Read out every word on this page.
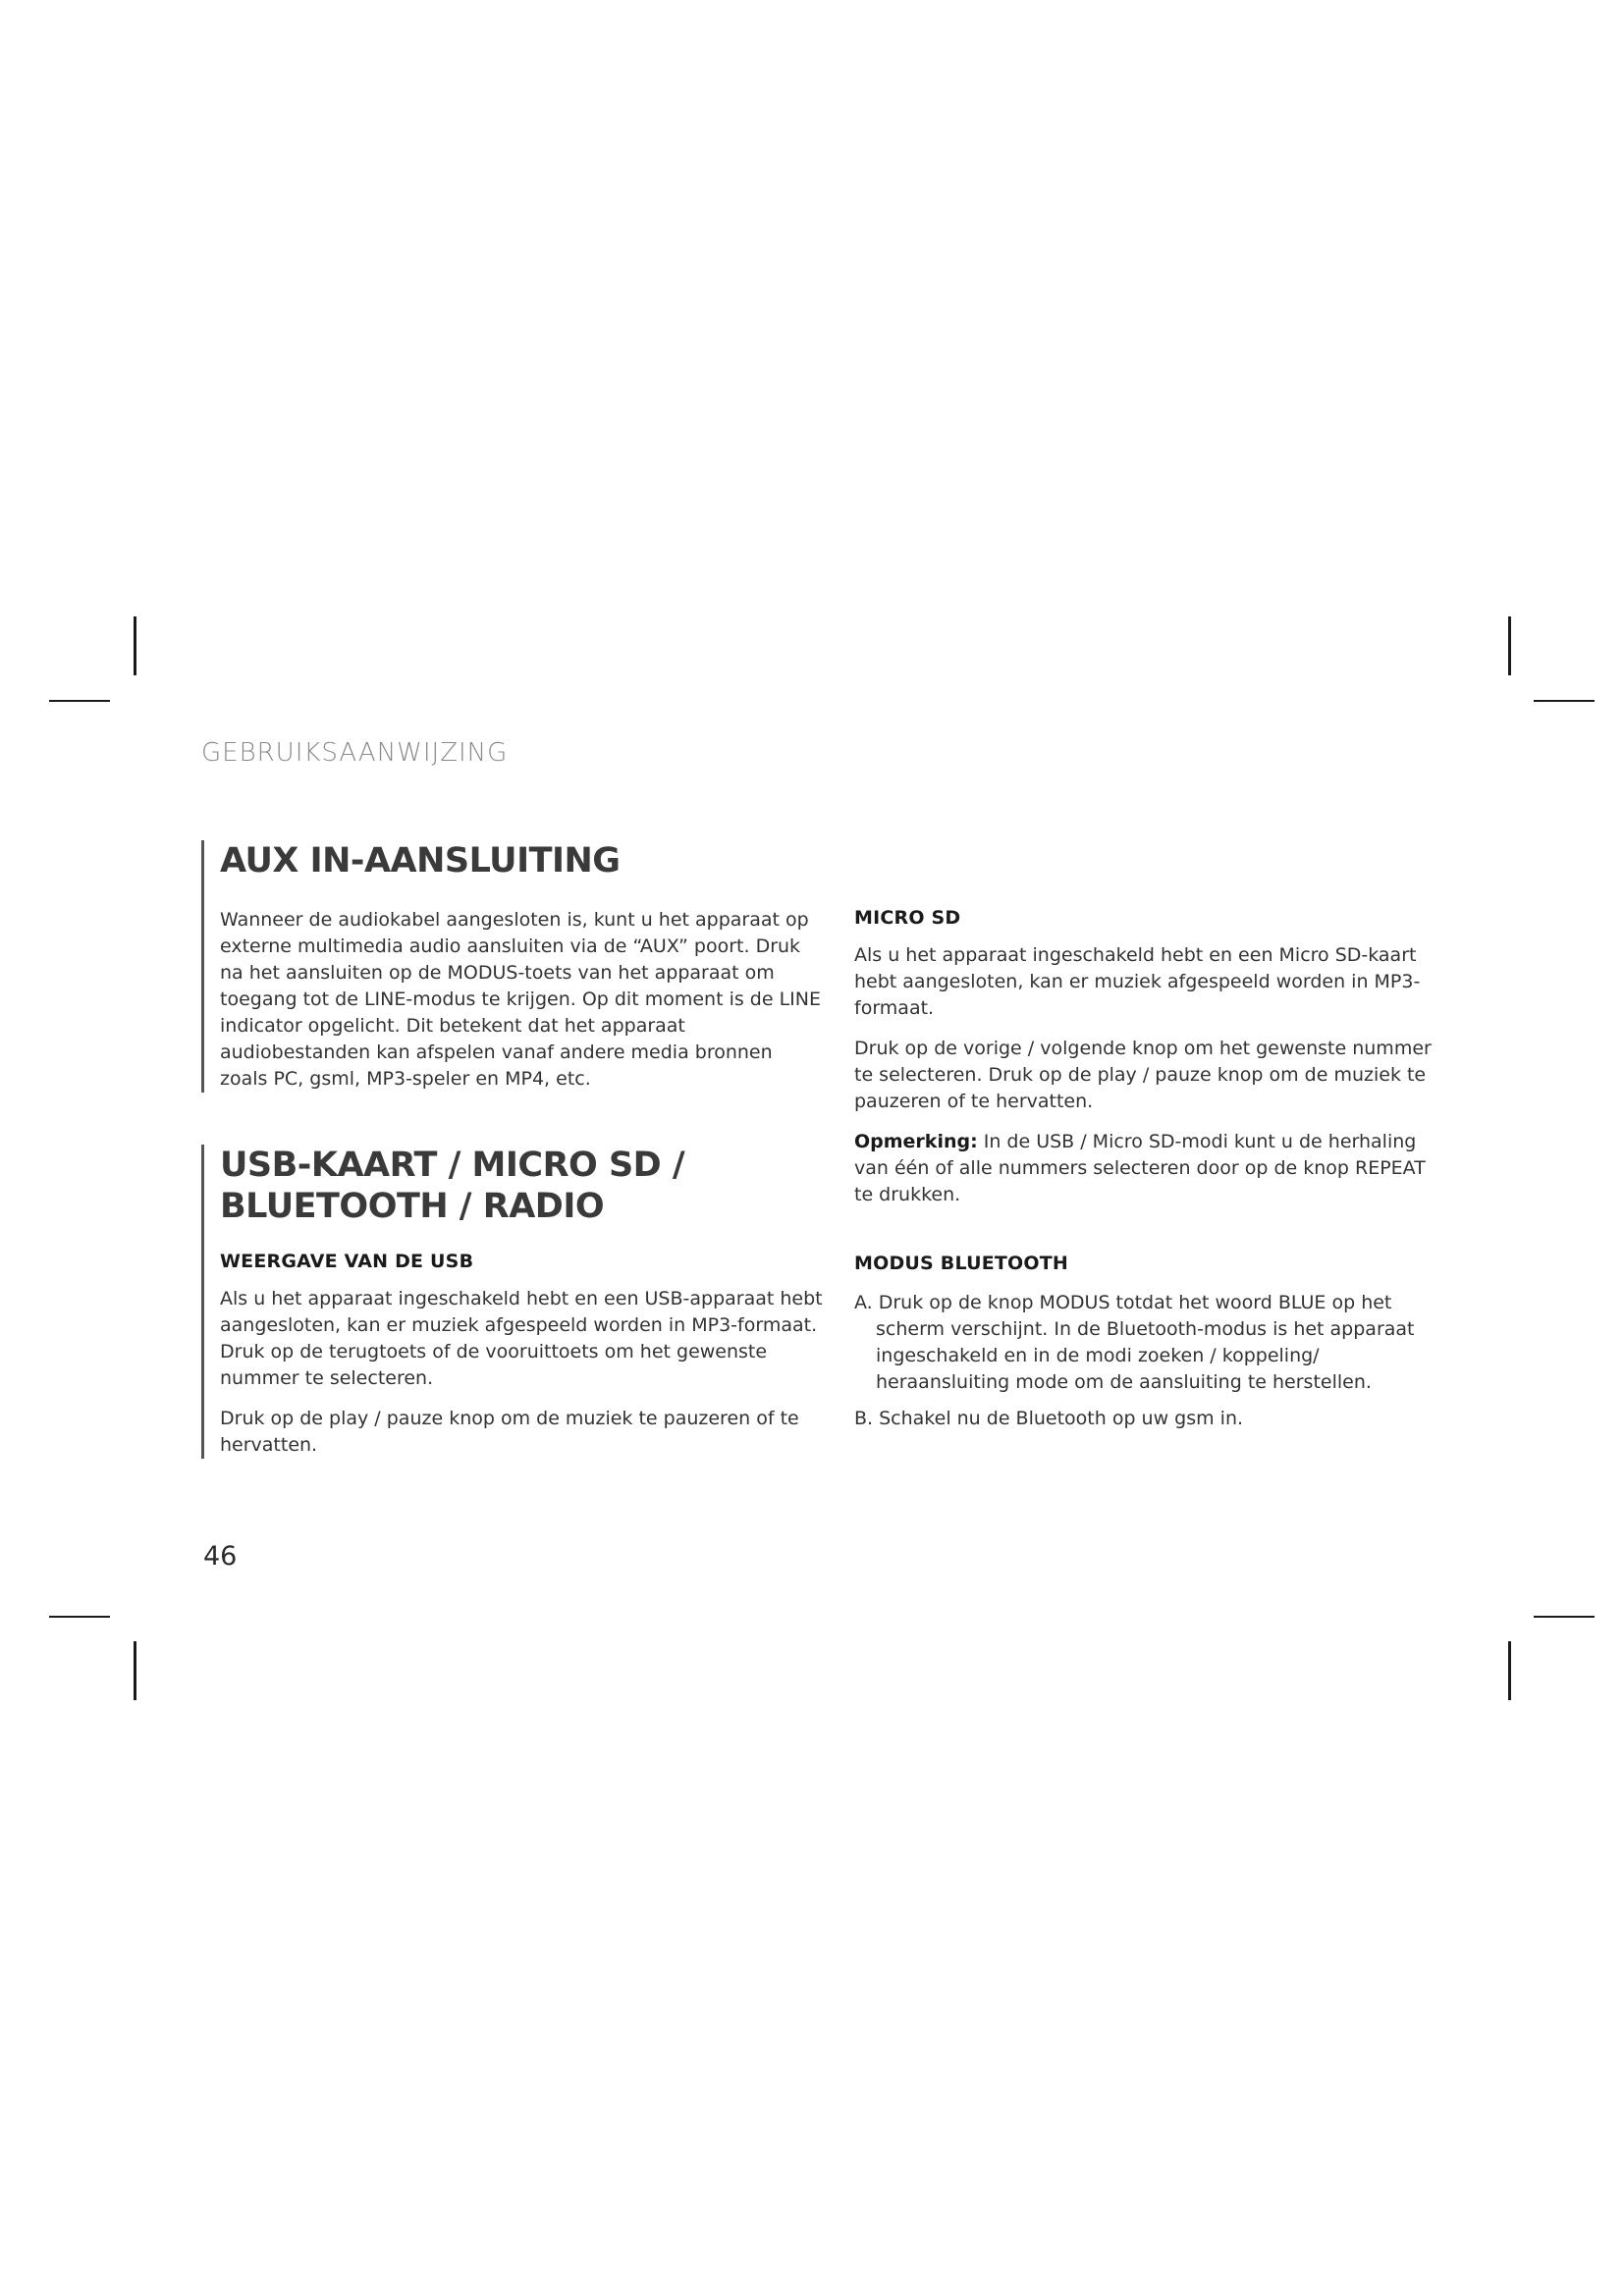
GEBRUIKSAANWIJZING
AUX IN-AANSLUITING

Wanneer de audiokabel aangesloten is, kunt u het apparaat op externe multimedia audio aansluiten via de “AUX” poort. Druk na het aansluiten op de MODUS-toets van het apparaat om toegang tot de LINE-modus te krijgen. Op dit moment is de LINE indicator opgelicht. Dit betekent dat het apparaat audiobestanden kan afspelen vanaf andere media bronnen zoals PC, gsml, MP3-speler en MP4, etc.

USB-KAART / MICRO SD /
BLUETOOTH / RADIO
WEERGAVE VAN DE USB

Als u het apparaat ingeschakeld hebt en een USB-apparaat hebt aangesloten, kan er muziek afgespeeld worden in MP3-formaat. Druk op de terugtoets of de vooruittoets om het gewenste nummer te selecteren.

Druk op de play / pauze knop om de muziek te pauzeren of te hervatten.

MICRO SD

Als u het apparaat ingeschakeld hebt en een Micro SD-kaart hebt aangesloten, kan er muziek afgespeeld worden in MP3-formaat.

Druk op de vorige / volgende knop om het gewenste nummer te selecteren. Druk op de play / pauze knop om de muziek te pauzeren of te hervatten.

Opmerking: In de USB / Micro SD-modi kunt u de herhaling van één of alle nummers selecteren door op de knop REPEAT te drukken.

MODUS BLUETOOTH

A. Druk op de knop MODUS totdat het woord BLUE op het scherm verschijnt. In de Bluetooth-modus is het apparaat ingeschakeld en in de modi zoeken / koppeling/ heraansluiting mode om de aansluiting te herstellen.

B. Schakel nu de Bluetooth op uw gsm in.

46
